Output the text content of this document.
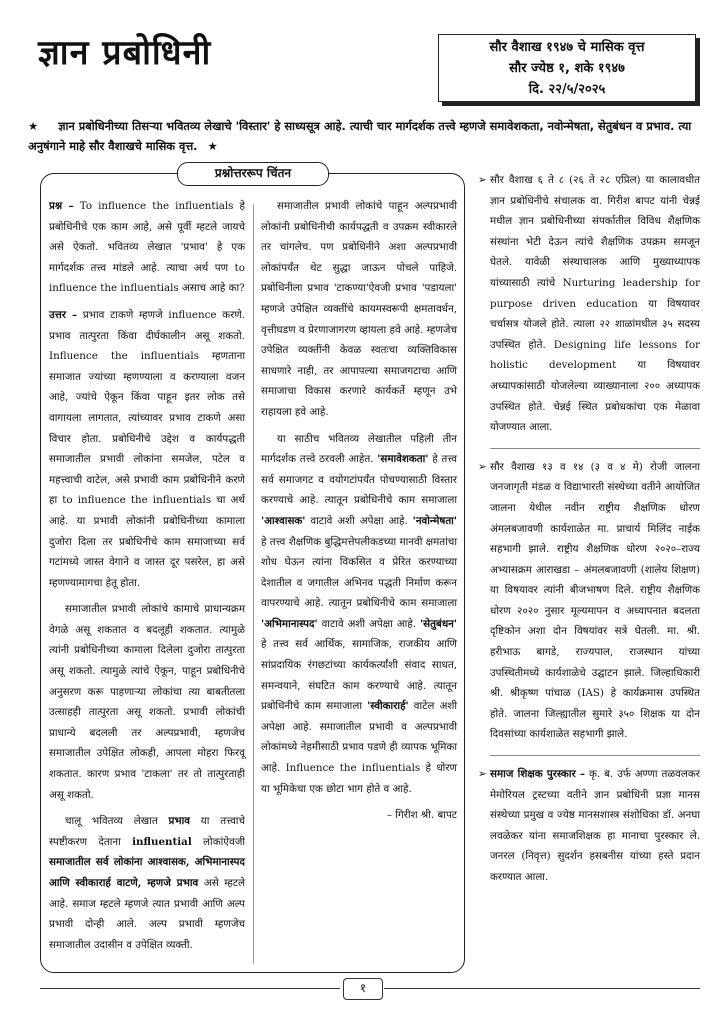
ज्ञान प्रबोधिनी	सौर वैशाख १९४७ चे मासिक वृत्त
सौर ज्येष्ठ १, शके १९४७
दि. २२/५/२०२५
★ ज्ञान प्रबोधिनीच्या तिसऱ्या भवितव्य लेखाचे 'विस्तार' हे साध्यसूत्र आहे. त्याची चार मार्गदर्शक तत्त्वे म्हणजे समावेशकता, नवोन्मेषता, सेतुबंधन व प्रभाव. त्या अनुषंगाने माहे सौर वैशाखचे मासिक वृत्त. ★
प्रश्नोत्तररूप चिंतन

प्रश्न – To influence the influentials हे प्रबोधिनीचे एक काम आहे, असे पूर्वी म्हटले जायचे असे ऐकतो. भवितव्य लेखात 'प्रभाव' हे एक मार्गदर्शक तत्त्व मांडले आहे. त्याचा अर्थ पण to influence the influentials असाच आहे का?

उत्तर – प्रभाव टाकणे म्हणजे influence करणे. प्रभाव तात्पुरता किंवा दीर्घकालीन असू शकतो. Influence the influentials म्हणताना समाजात ज्यांच्या म्हणण्याला व करण्याला वजन आहे, ज्यांचे ऐकून किंवा पाहून इतर लोक तसे वागायला लागतात, त्यांच्यावर प्रभाव टाकणे असा विचार होता. प्रबोधिनीचे उद्देश व कार्यपद्धती समाजातील प्रभावी लोकांना समजेल, पटेल व महत्त्वाची वाटेल, असे प्रभावी काम प्रबोधिनीने करणे हा to influence the influentials चा अर्थ आहे. या प्रभावी लोकांनी प्रबोधिनीच्या कामाला दुजोरा दिला तर प्रबोधिनीचे काम समाजाच्या सर्व गटांमध्ये जास्त वेगाने व जास्त दूर पसरेल, हा असे म्हणण्यामागचा हेतू होता.

समाजातील प्रभावी लोकांचे कामाचे प्राधान्यक्रम वेगळे असू शकतात व बदलूही शकतात. त्यामुळे त्यांनी प्रबोधिनीच्या कामाला दिलेला दुजोरा तात्पुरता असू शकतो. त्यामुळे त्यांचे ऐकून, पाहून प्रबोधिनीचे अनुसरण करू पाहणाऱ्या लोकांचा त्या बाबतीतला उत्साहही तात्पुरता असू शकतो. प्रभावी लोकांची प्राधान्ये बदलली तर अल्पप्रभावी, म्हणजेच समाजातील उपेक्षित लोकही, आपला मोहरा फिरवू शकतात. कारण प्रभाव 'टाकला' तर तो तात्पुरताही असू शकतो.

चालू भवितव्य लेखात प्रभाव या तत्त्वाचे स्पष्टीकरण देताना influential लोकांऐवजी समाजातील सर्व लोकांना आश्वासक, अभिमानास्पद आणि स्वीकारार्ह वाटणे, म्हणजे प्रभाव असे म्हटले आहे. समाज म्हटले म्हणजे त्यात प्रभावी आणि अल्प प्रभावी दोन्ही आले. अल्प प्रभावी म्हणजेच समाजातील उदासीन व उपेक्षित व्यक्ती.

समाजातील प्रभावी लोकांचे पाहून अल्पप्रभावी लोकांनी प्रबोधिनीची कार्यपद्धती व उपक्रम स्वीकारले तर चांगलेच. पण प्रबोधिनीने अशा अल्पप्रभावी लोकांपर्यंत थेट सुद्धा जाऊन पोचले पाहिजे. प्रबोधिनीला प्रभाव 'टाकण्या'ऐवजी प्रभाव 'पडायला' म्हणजे उपेक्षित व्यक्तींचे कायमस्वरूपी क्षमतावर्धन, वृत्तीघडण व प्रेरणाजागरण व्हायला हवे आहे. म्हणजेच उपेक्षित व्यक्तींनी केवळ स्वतःचा व्यक्तिविकास साधणारे नाही, तर आपापल्या समाजगटाचा आणि समाजाचा विकास करणारे कार्यकर्ते म्हणून उभे राहायला हवे आहे.

या साठीच भवितव्य लेखातील पहिली तीन मार्गदर्शक तत्त्वे ठरवली आहेत. 'समावेशकता' हे तत्त्व सर्व समाजगट व वयोगटांपर्यंत पोचण्यासाठी विस्तार करण्याचे आहे. त्यातून प्रबोधिनीचे काम समाजाला 'आश्वासक' वाटावे अशी अपेक्षा आहे. 'नवोन्मेषता' हे तत्त्व शैक्षणिक बुद्धिमत्तेपलीकडच्या मानवी क्षमतांचा शोध घेऊन त्यांना विकसित व प्रेरित करण्याच्या देशातील व जगातील अभिनव पद्धती निर्माण करून वापरण्याचे आहे. त्यातून प्रबोधिनीचे काम समाजाला 'अभिमानास्पद' वाटावे अशी अपेक्षा आहे. 'सेतुबंधन' हे तत्त्व सर्व आर्थिक, सामाजिक, राजकीय आणि सांप्रदायिक रंगछटांच्या कार्यकर्त्यांशी संवाद साधत, समन्वयाने, संघटित काम करण्याचे आहे. त्यातून प्रबोधिनीचे काम समाजाला 'स्वीकारार्ह' वाटेल अशी अपेक्षा आहे. समाजातील प्रभावी व अल्पप्रभावी लोकांमध्ये नेहमीसाठी प्रभाव पडणे ही व्यापक भूमिका आहे. Influence the influentials हे धोरण या भूमिकेचा एक छोटा भाग होते व आहे.

– गिरीश श्री. बापट
➢ सौर वैशाख ६ ते ८ (२६ ते २८ एप्रिल) या कालावधीत ज्ञान प्रबोधिनीचे संचालक वा. गिरीश बापट यांनी चेन्नई मधील ज्ञान प्रबोधिनीच्या संपर्कातील विविध शैक्षणिक संस्थांना भेटी देऊन त्यांचे शैक्षणिक उपक्रम समजून घेतले. यावेळी संस्थाचालक आणि मुख्याध्यापक यांच्यासाठी त्यांचे Nurturing leadership for purpose driven education या विषयावर चर्चासत्र योजले होते. त्याला २२ शाळांमधील ३५ सदस्य उपस्थित होते. Designing life lessons for holistic development या विषयावर अध्यापकांसाठी योजलेल्या व्याख्यानाला २०० अध्यापक उपस्थित होते. चेन्नई स्थित प्रबोधकांचा एक मेळावा योजण्यात आला.
➢ सौर वैशाख १३ व १४ (३ व ४ मे) रोजी जालना जनजागृती मंडळ व विद्याभारती संस्थेच्या वतीने आयोजित जालना येथील नवीन राष्ट्रीय शैक्षणिक धोरण अंमलबजावणी कार्यशाळेत मा. प्राचार्य मिलिंद नाईक सहभागी झाले. राष्ट्रीय शैक्षणिक धोरण २०२०–राज्य अभ्यासक्रम आराखडा – अंमलबजावणी (शालेय शिक्षण) या विषयावर त्यांनी बीजभाषण दिले. राष्ट्रीय शैक्षणिक धोरण २०२० नुसार मूल्यमापन व अध्यापनात बदलता दृष्टिकोन अशा दोन विषयांवर सत्रे घेतली. मा. श्री. हरीभाऊ बागडे, राज्यपाल, राजस्थान यांच्या उपस्थितीमध्ये कार्यशाळेचे उद्घाटन झाले. जिल्हाधिकारी श्री. श्रीकृष्ण पांचाळ (IAS) हे कार्यक्रमास उपस्थित होते. जालना जिल्ह्यातील सुमारे ३५० शिक्षक या दोन दिवसांच्या कार्यशाळेत सहभागी झाले.
➢ समाज शिक्षक पुरस्कार – कृ. ब. उर्फ अण्णा तळवलकर मेमोरियल ट्रस्टच्या वतीने ज्ञान प्रबोधिनी प्रज्ञा मानस संस्थेच्या प्रमुख व ज्येष्ठ मानसशास्त्र संशोधिका डॉ. अनघा लवळेकर यांना समाजशिक्षक हा मानाचा पुरस्कार ले. जनरल (निवृत्त) सुदर्शन हसबनीस यांच्या हस्ते प्रदान करण्यात आला.
१
